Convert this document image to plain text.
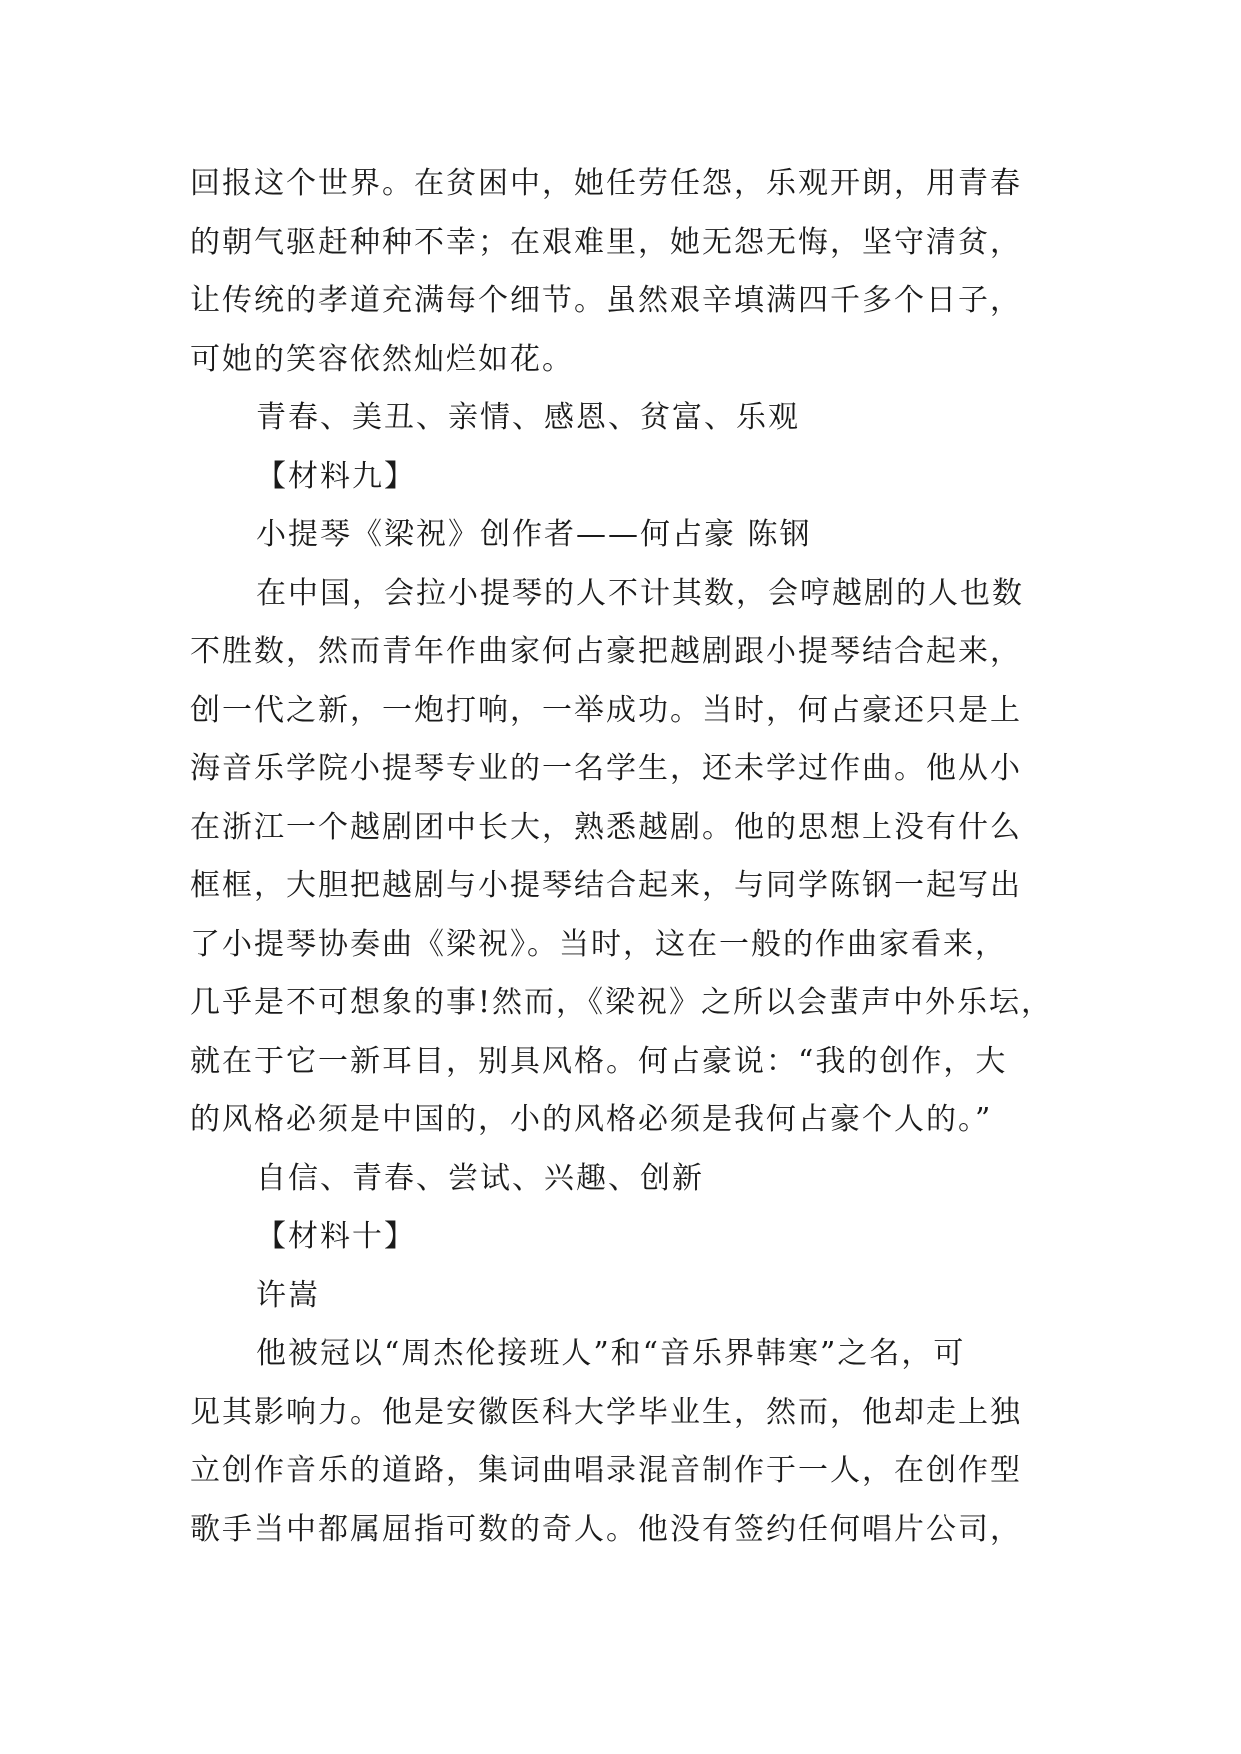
回报这个世界。在贫困中，她任劳任怨，乐观开朗，用青春
的朝气驱赶种种不幸；在艰难里，她无怨无悔，坚守清贫，
让传统的孝道充满每个细节。虽然艰辛填满四千多个日子，
可她的笑容依然灿烂如花。
青春、美丑、亲情、感恩、贫富、乐观
【材料九】
小提琴《梁祝》创作者——何占豪 陈钢
在中国，会拉小提琴的人不计其数，会哼越剧的人也数
不胜数，然而青年作曲家何占豪把越剧跟小提琴结合起来，
创一代之新，一炮打响，一举成功。当时，何占豪还只是上
海音乐学院小提琴专业的一名学生，还未学过作曲。他从小
在浙江一个越剧团中长大，熟悉越剧。他的思想上没有什么
框框，大胆把越剧与小提琴结合起来，与同学陈钢一起写出
了小提琴协奏曲《梁祝》。当时，这在一般的作曲家看来，
几乎是不可想象的事!然而，《梁祝》之所以会蜚声中外乐坛，
就在于它一新耳目，别具风格。何占豪说：“我的创作，大
的风格必须是中国的，小的风格必须是我何占豪个人的。”
自信、青春、尝试、兴趣、创新
【材料十】
许嵩
他被冠以“周杰伦接班人”和“音乐界韩寒”之名，可
见其影响力。他是安徽医科大学毕业生，然而，他却走上独
立创作音乐的道路，集词曲唱录混音制作于一人，在创作型
歌手当中都属屈指可数的奇人。他没有签约任何唱片公司，
